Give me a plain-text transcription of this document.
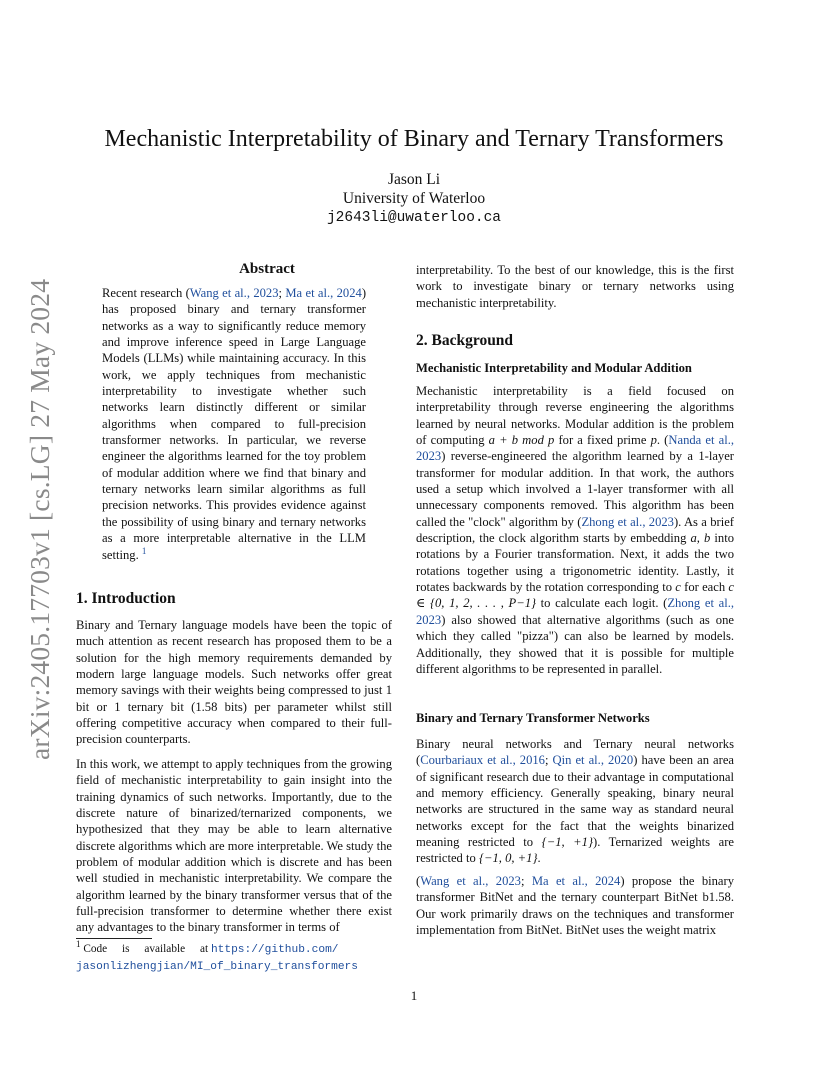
arXiv:2405.17703v1 [cs.LG] 27 May 2024
Mechanistic Interpretability of Binary and Ternary Transformers
Jason Li
University of Waterloo
j2643li@uwaterloo.ca
Abstract
Recent research (Wang et al., 2023; Ma et al., 2024) has proposed binary and ternary transformer networks as a way to significantly reduce memory and improve inference speed in Large Language Models (LLMs) while maintaining accuracy. In this work, we apply techniques from mechanistic interpretability to investigate whether such networks learn distinctly different or similar algorithms when compared to full-precision transformer networks. In particular, we reverse engineer the algorithms learned for the toy problem of modular addition where we find that binary and ternary networks learn similar algorithms as full precision networks. This provides evidence against the possibility of using binary and ternary networks as a more interpretable alternative in the LLM setting. $^1$
1. Introduction
Binary and Ternary language models have been the topic of much attention as recent research has proposed them to be a solution for the high memory requirements demanded by modern large language models. Such networks offer great memory savings with their weights being compressed to just 1 bit or 1 ternary bit (1.58 bits) per parameter whilst still offering competitive accuracy when compared to their full-precision counterparts.
In this work, we attempt to apply techniques from the growing field of mechanistic interpretability to gain insight into the training dynamics of such networks. Importantly, due to the discrete nature of binarized/ternarized components, we hypothesized that they may be able to learn alternative discrete algorithms which are more interpretable. We study the problem of modular addition which is discrete and has been well studied in mechanistic interpretability. We compare the algorithm learned by the binary transformer versus that of the full-precision transformer to determine whether there exist any advantages to the binary transformer in terms of
$^1$ Code is available at https://github.com/
jasonlizhengjian/MI_of_binary_transformers
interpretability. To the best of our knowledge, this is the first work to investigate binary or ternary networks using mechanistic interpretability.
2. Background
Mechanistic Interpretability and Modular Addition
Mechanistic interpretability is a field focused on interpretability through reverse engineering the algorithms learned by neural networks. Modular addition is the problem of computing a + b mod p for a fixed prime p. (Nanda et al., 2023) reverse-engineered the algorithm learned by a 1-layer transformer for modular addition. In that work, the authors used a setup which involved a 1-layer transformer with all unnecessary components removed. This algorithm has been called the "clock" algorithm by (Zhong et al., 2023). As a brief description, the clock algorithm starts by embedding a, b into rotations by a Fourier transformation. Next, it adds the two rotations together using a trigonometric identity. Lastly, it rotates backwards by the rotation corresponding to c for each c ∈ {0, 1, 2, . . . , P−1} to calculate each logit. (Zhong et al., 2023) also showed that alternative algorithms (such as one which they called "pizza") can also be learned by models. Additionally, they showed that it is possible for multiple different algorithms to be represented in parallel.
Binary and Ternary Transformer Networks
Binary neural networks and Ternary neural networks (Courbariaux et al., 2016; Qin et al., 2020) have been an area of significant research due to their advantage in computational and memory efficiency. Generally speaking, binary neural networks are structured in the same way as standard neural networks except for the fact that the weights binarized meaning restricted to {−1, +1}). Ternarized weights are restricted to {−1, 0, +1}.
(Wang et al., 2023; Ma et al., 2024) propose the binary transformer BitNet and the ternary counterpart BitNet b1.58. Our work primarily draws on the techniques and transformer implementation from BitNet. BitNet uses the weight matrix
1
